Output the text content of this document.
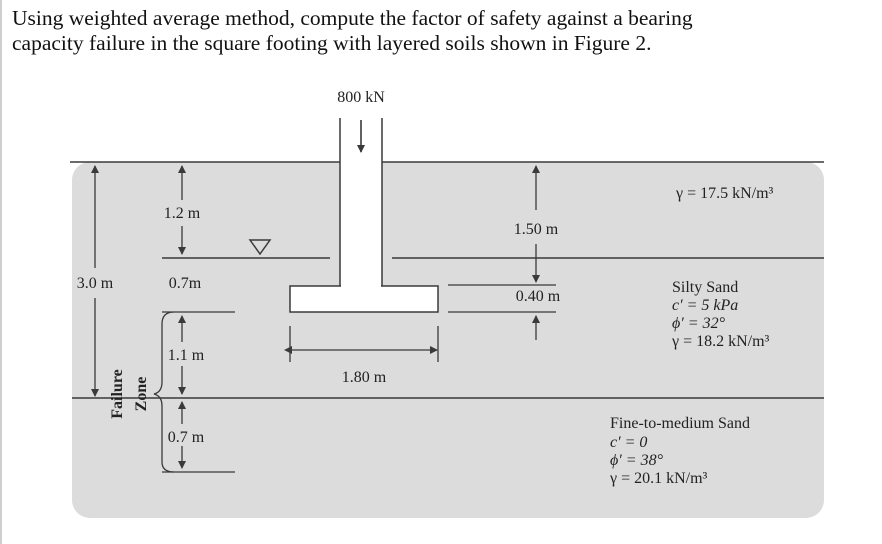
Using weighted average method, compute the factor of safety against a bearing
capacity failure in the square footing with layered soils shown in Figure 2.
800 kN
3.0 m
1.2 m
0.7m
1.1 m
0.7 m
Failure Zone	1.80 m
1.50 m
0.40 m
γ = 17.5 kN/m³
Silty Sand
c′ = 5 kPa
ϕ′ = 32°
γ = 18.2 kN/m³
Fine-to-medium Sand
c′ = 0
ϕ′ = 38°
γ = 20.1 kN/m³
